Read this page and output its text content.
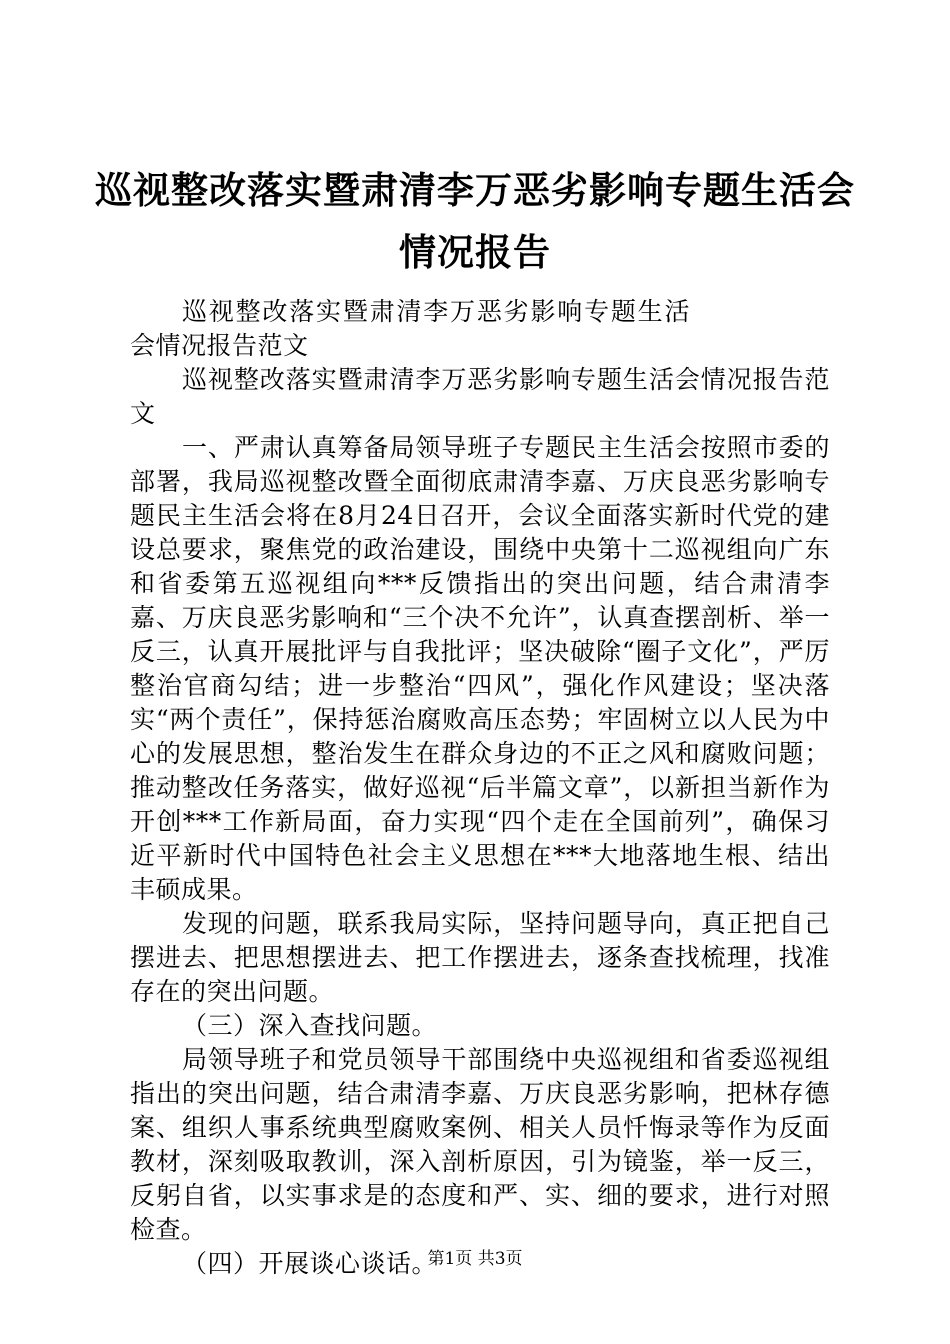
巡视整改落实暨肃清李万恶劣影响专题生活会
情况报告

巡视整改落实暨肃清李万恶劣影响专题生活会情况报告范文

巡视整改落实暨肃清李万恶劣影响专题生活会情况报告范文

一、严肃认真筹备局领导班子专题民主生活会按照市委的部署，我局巡视整改暨全面彻底肃清李嘉、万庆良恶劣影响专题民主生活会将在8月24日召开，会议全面落实新时代党的建设总要求，聚焦党的政治建设，围绕中央第十二巡视组向广东和省委第五巡视组向***反馈指出的突出问题，结合肃清李嘉、万庆良恶劣影响和“三个决不允许”，认真查摆剖析、举一反三，认真开展批评与自我批评；坚决破除“圈子文化”，严厉整治官商勾结；进一步整治“四风”，强化作风建设；坚决落实“两个责任”，保持惩治腐败高压态势；牢固树立以人民为中心的发展思想，整治发生在群众身边的不正之风和腐败问题；推动整改任务落实，做好巡视“后半篇文章”，以新担当新作为开创***工作新局面，奋力实现“四个走在全国前列”，确保习近平新时代中国特色社会主义思想在***大地落地生根、结出丰硕成果。

发现的问题，联系我局实际，坚持问题导向，真正把自己摆进去、把思想摆进去、把工作摆进去，逐条查找梳理，找准存在的突出问题。

（三）深入查找问题。

局领导班子和党员领导干部围绕中央巡视组和省委巡视组指出的突出问题，结合肃清李嘉、万庆良恶劣影响，把林存德案、组织人事系统典型腐败案例、相关人员忏悔录等作为反面教材，深刻吸取教训，深入剖析原因，引为镜鉴，举一反三，反躬自省，以实事求是的态度和严、实、细的要求，进行对照检查。

（四）开展谈心谈话。

第1页 共3页
